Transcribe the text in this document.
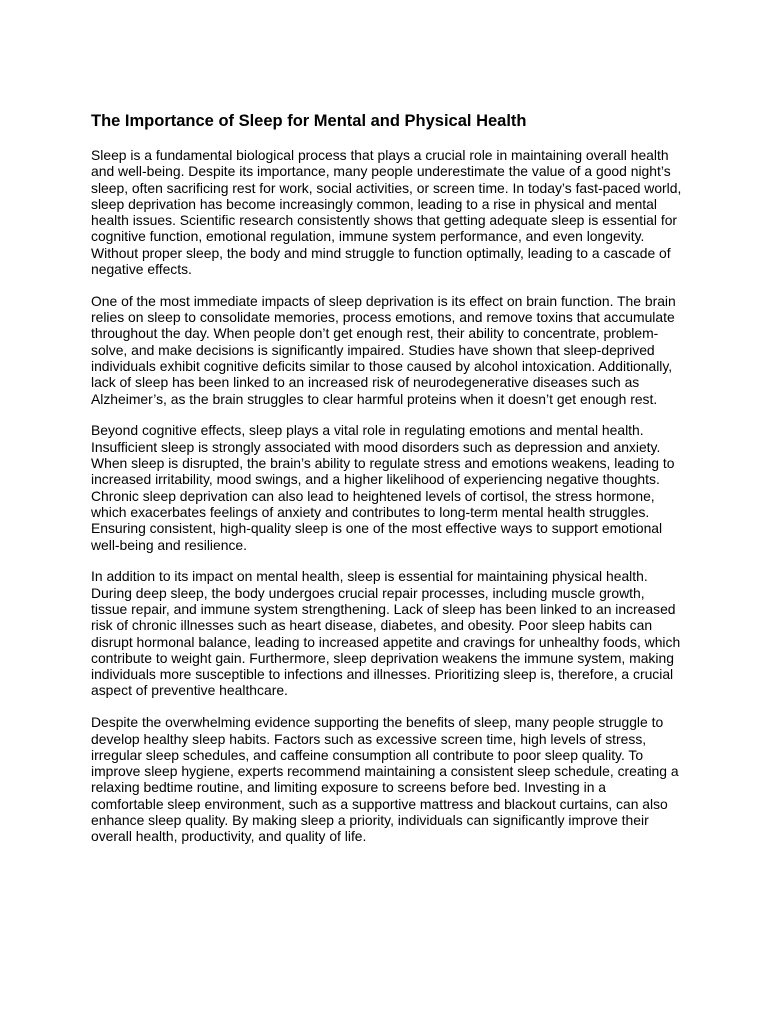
The Importance of Sleep for Mental and Physical Health

Sleep is a fundamental biological process that plays a crucial role in maintaining overall health
and well-being. Despite its importance, many people underestimate the value of a good night’s
sleep, often sacrificing rest for work, social activities, or screen time. In today’s fast-paced world,
sleep deprivation has become increasingly common, leading to a rise in physical and mental
health issues. Scientific research consistently shows that getting adequate sleep is essential for
cognitive function, emotional regulation, immune system performance, and even longevity.
Without proper sleep, the body and mind struggle to function optimally, leading to a cascade of
negative effects.

One of the most immediate impacts of sleep deprivation is its effect on brain function. The brain
relies on sleep to consolidate memories, process emotions, and remove toxins that accumulate
throughout the day. When people don’t get enough rest, their ability to concentrate, problem-
solve, and make decisions is significantly impaired. Studies have shown that sleep-deprived
individuals exhibit cognitive deficits similar to those caused by alcohol intoxication. Additionally,
lack of sleep has been linked to an increased risk of neurodegenerative diseases such as
Alzheimer’s, as the brain struggles to clear harmful proteins when it doesn’t get enough rest.

Beyond cognitive effects, sleep plays a vital role in regulating emotions and mental health.
Insufficient sleep is strongly associated with mood disorders such as depression and anxiety.
When sleep is disrupted, the brain’s ability to regulate stress and emotions weakens, leading to
increased irritability, mood swings, and a higher likelihood of experiencing negative thoughts.
Chronic sleep deprivation can also lead to heightened levels of cortisol, the stress hormone,
which exacerbates feelings of anxiety and contributes to long-term mental health struggles.
Ensuring consistent, high-quality sleep is one of the most effective ways to support emotional
well-being and resilience.

In addition to its impact on mental health, sleep is essential for maintaining physical health.
During deep sleep, the body undergoes crucial repair processes, including muscle growth,
tissue repair, and immune system strengthening. Lack of sleep has been linked to an increased
risk of chronic illnesses such as heart disease, diabetes, and obesity. Poor sleep habits can
disrupt hormonal balance, leading to increased appetite and cravings for unhealthy foods, which
contribute to weight gain. Furthermore, sleep deprivation weakens the immune system, making
individuals more susceptible to infections and illnesses. Prioritizing sleep is, therefore, a crucial
aspect of preventive healthcare.

Despite the overwhelming evidence supporting the benefits of sleep, many people struggle to
develop healthy sleep habits. Factors such as excessive screen time, high levels of stress,
irregular sleep schedules, and caffeine consumption all contribute to poor sleep quality. To
improve sleep hygiene, experts recommend maintaining a consistent sleep schedule, creating a
relaxing bedtime routine, and limiting exposure to screens before bed. Investing in a
comfortable sleep environment, such as a supportive mattress and blackout curtains, can also
enhance sleep quality. By making sleep a priority, individuals can significantly improve their
overall health, productivity, and quality of life.
